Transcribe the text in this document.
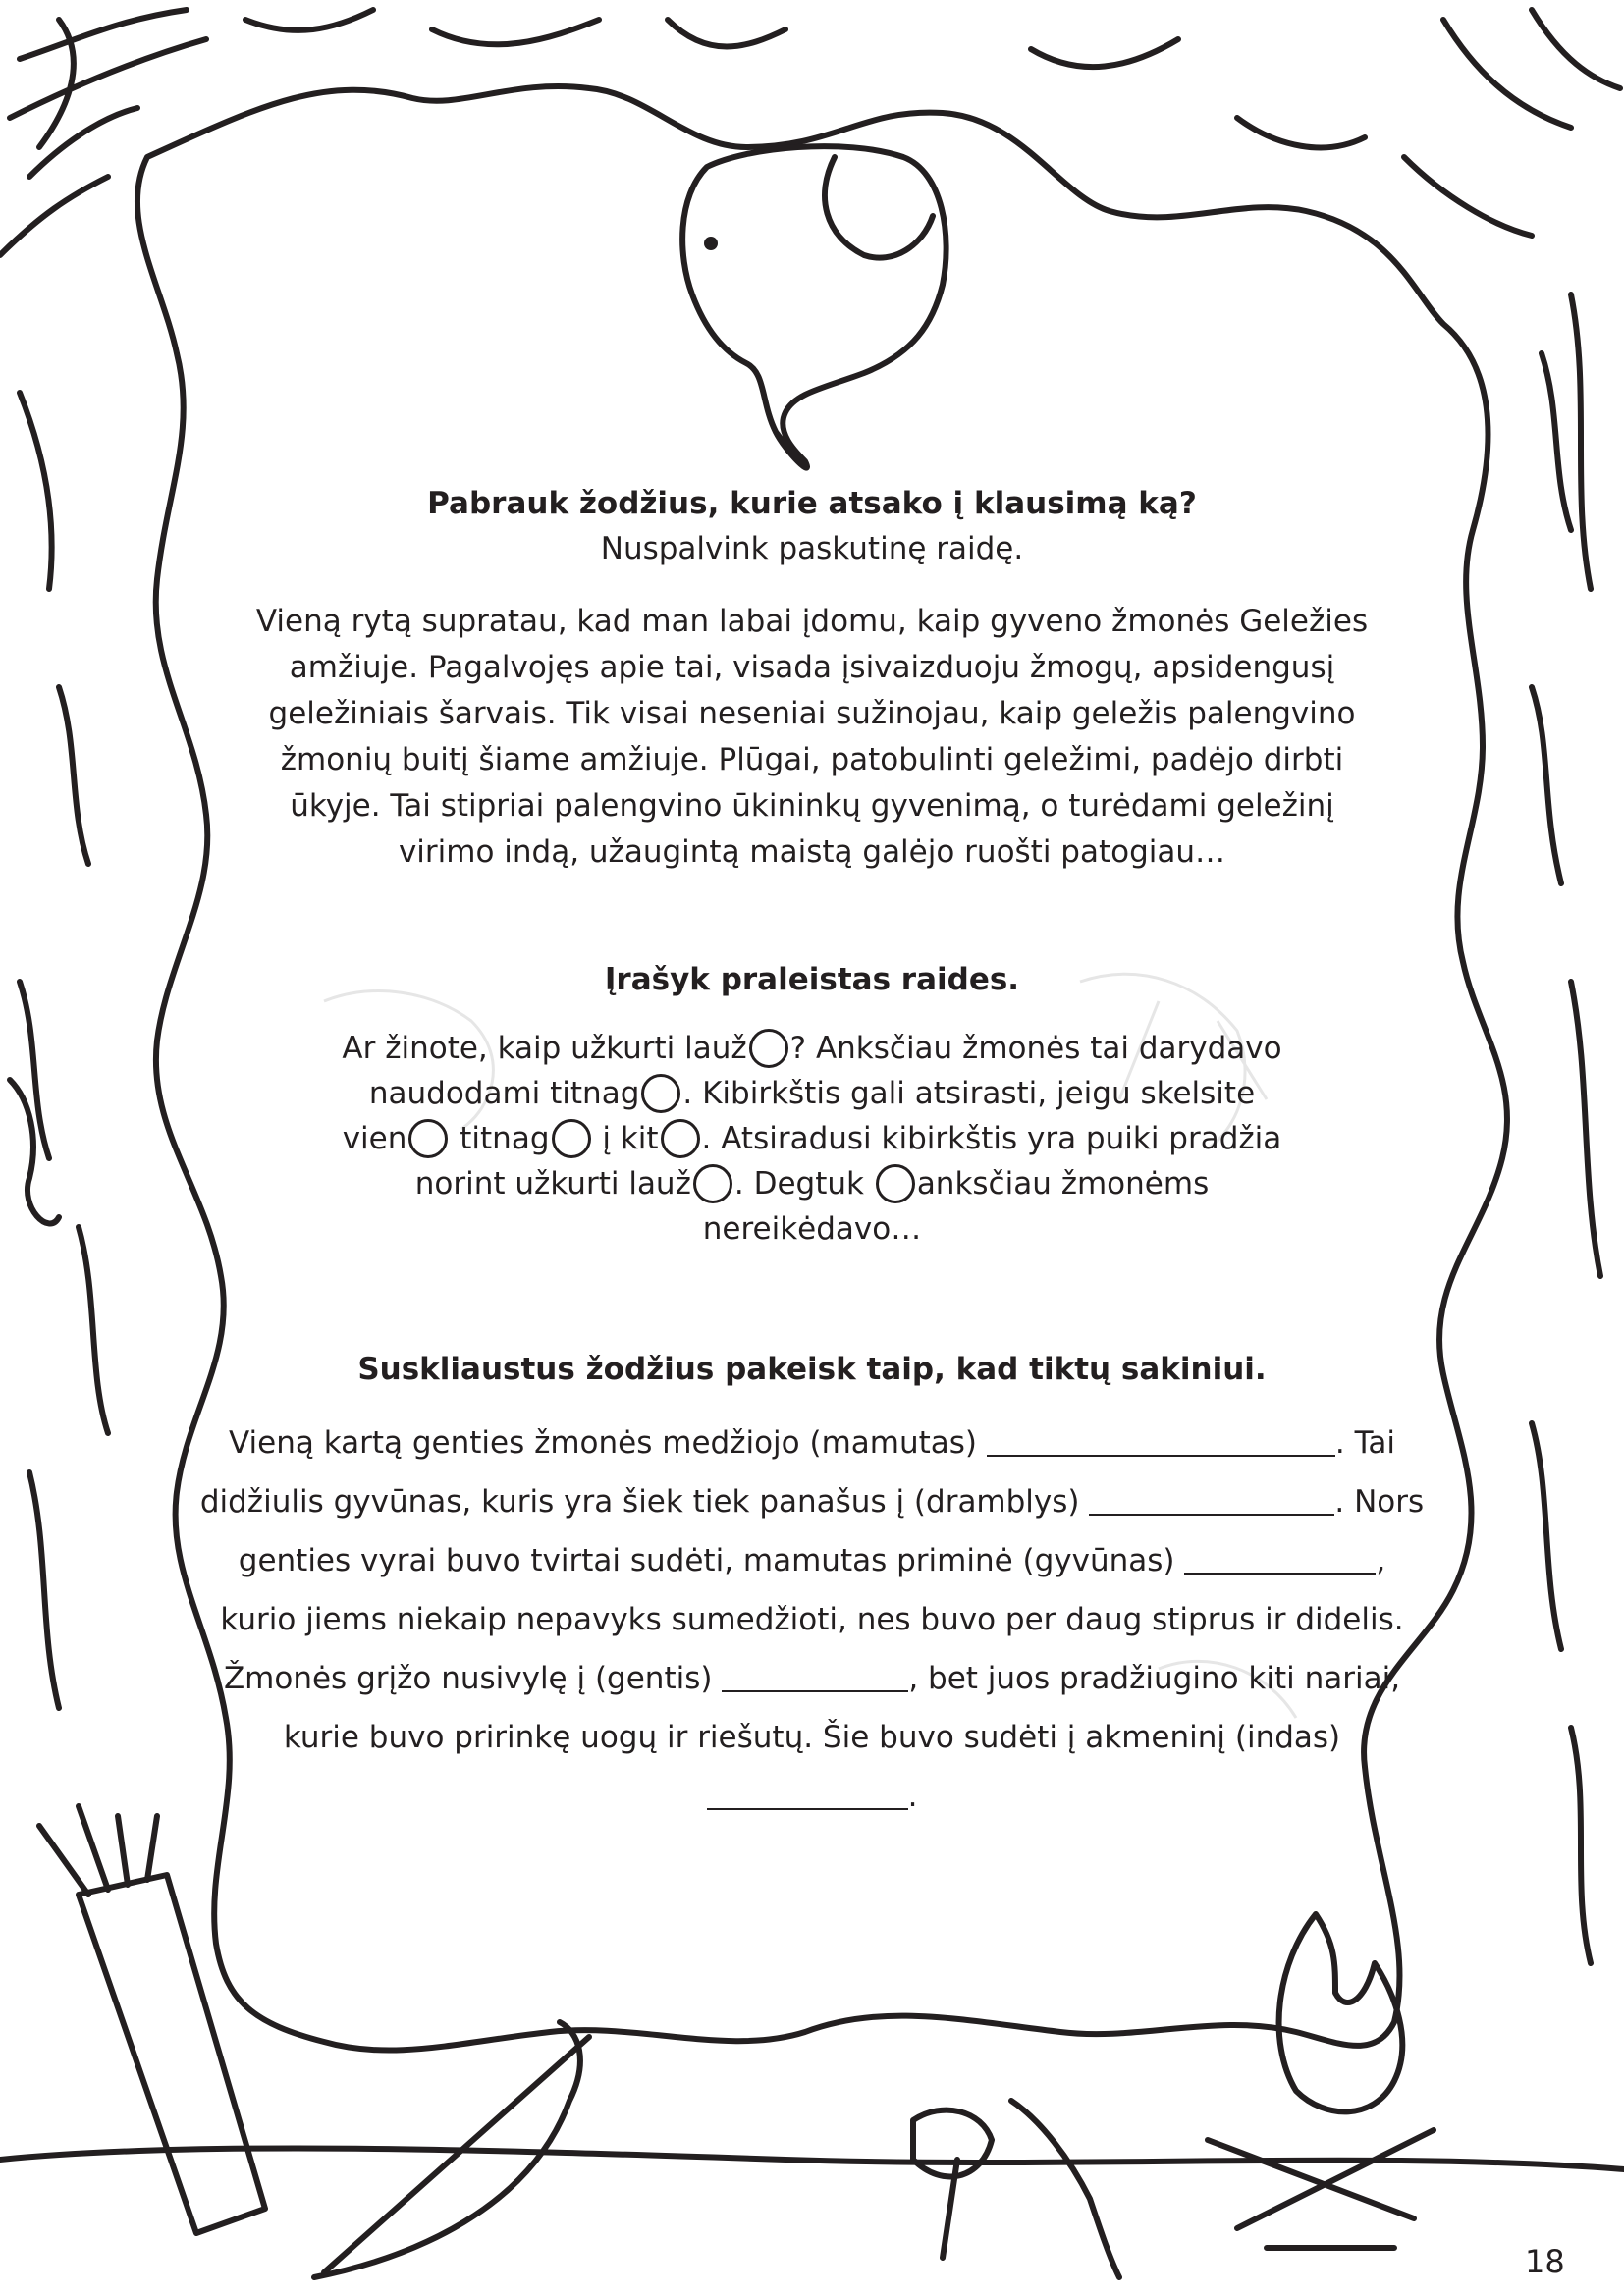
Pabrauk žodžius, kurie atsako į klausimą ką?

Nuspalvink paskutinę raidę.

Vieną rytą supratau, kad man labai įdomu, kaip gyveno žmonės Geležies
amžiuje. Pagalvojęs apie tai, visada įsivaizduoju žmogų, apsidengusį
geležiniais šarvais. Tik visai neseniai sužinojau, kaip geležis palengvino
žmonių buitį šiame amžiuje. Plūgai, patobulinti geležimi, padėjo dirbti
ūkyje. Tai stipriai palengvino ūkininkų gyvenimą, o turėdami geležinį
virimo indą, užaugintą maistą galėjo ruošti patogiau…

Įrašyk praleistas raides.

Ar žinote, kaip užkurti lauž ? Anksčiau žmonės tai darydavo
naudodami titnag . Kibirkštis gali atsirasti, jeigu skelsite
vien titnag į kit . Atsiradusi kibirkštis yra puiki pradžia
norint užkurti lauž . Degtuk anksčiau žmonėms
nereikėdavo…

Suskliaustus žodžius pakeisk taip, kad tiktų sakiniui.

Vieną kartą genties žmonės medžiojo (mamutas)	. Tai
didžiulis gyvūnas, kuris yra šiek tiek panašus į (dramblys)	. Nors
genties vyrai buvo tvirtai sudėti, mamutas priminė (gyvūnas)	,
kurio jiems niekaip nepavyks sumedžioti, nes buvo per daug stiprus ir didelis.
Žmonės grįžo nusivylę į (gentis)	, bet juos pradžiugino kiti nariai,
kurie buvo pririnkę uogų ir riešutų. Šie buvo sudėti į akmeninį (indas)
.
18
